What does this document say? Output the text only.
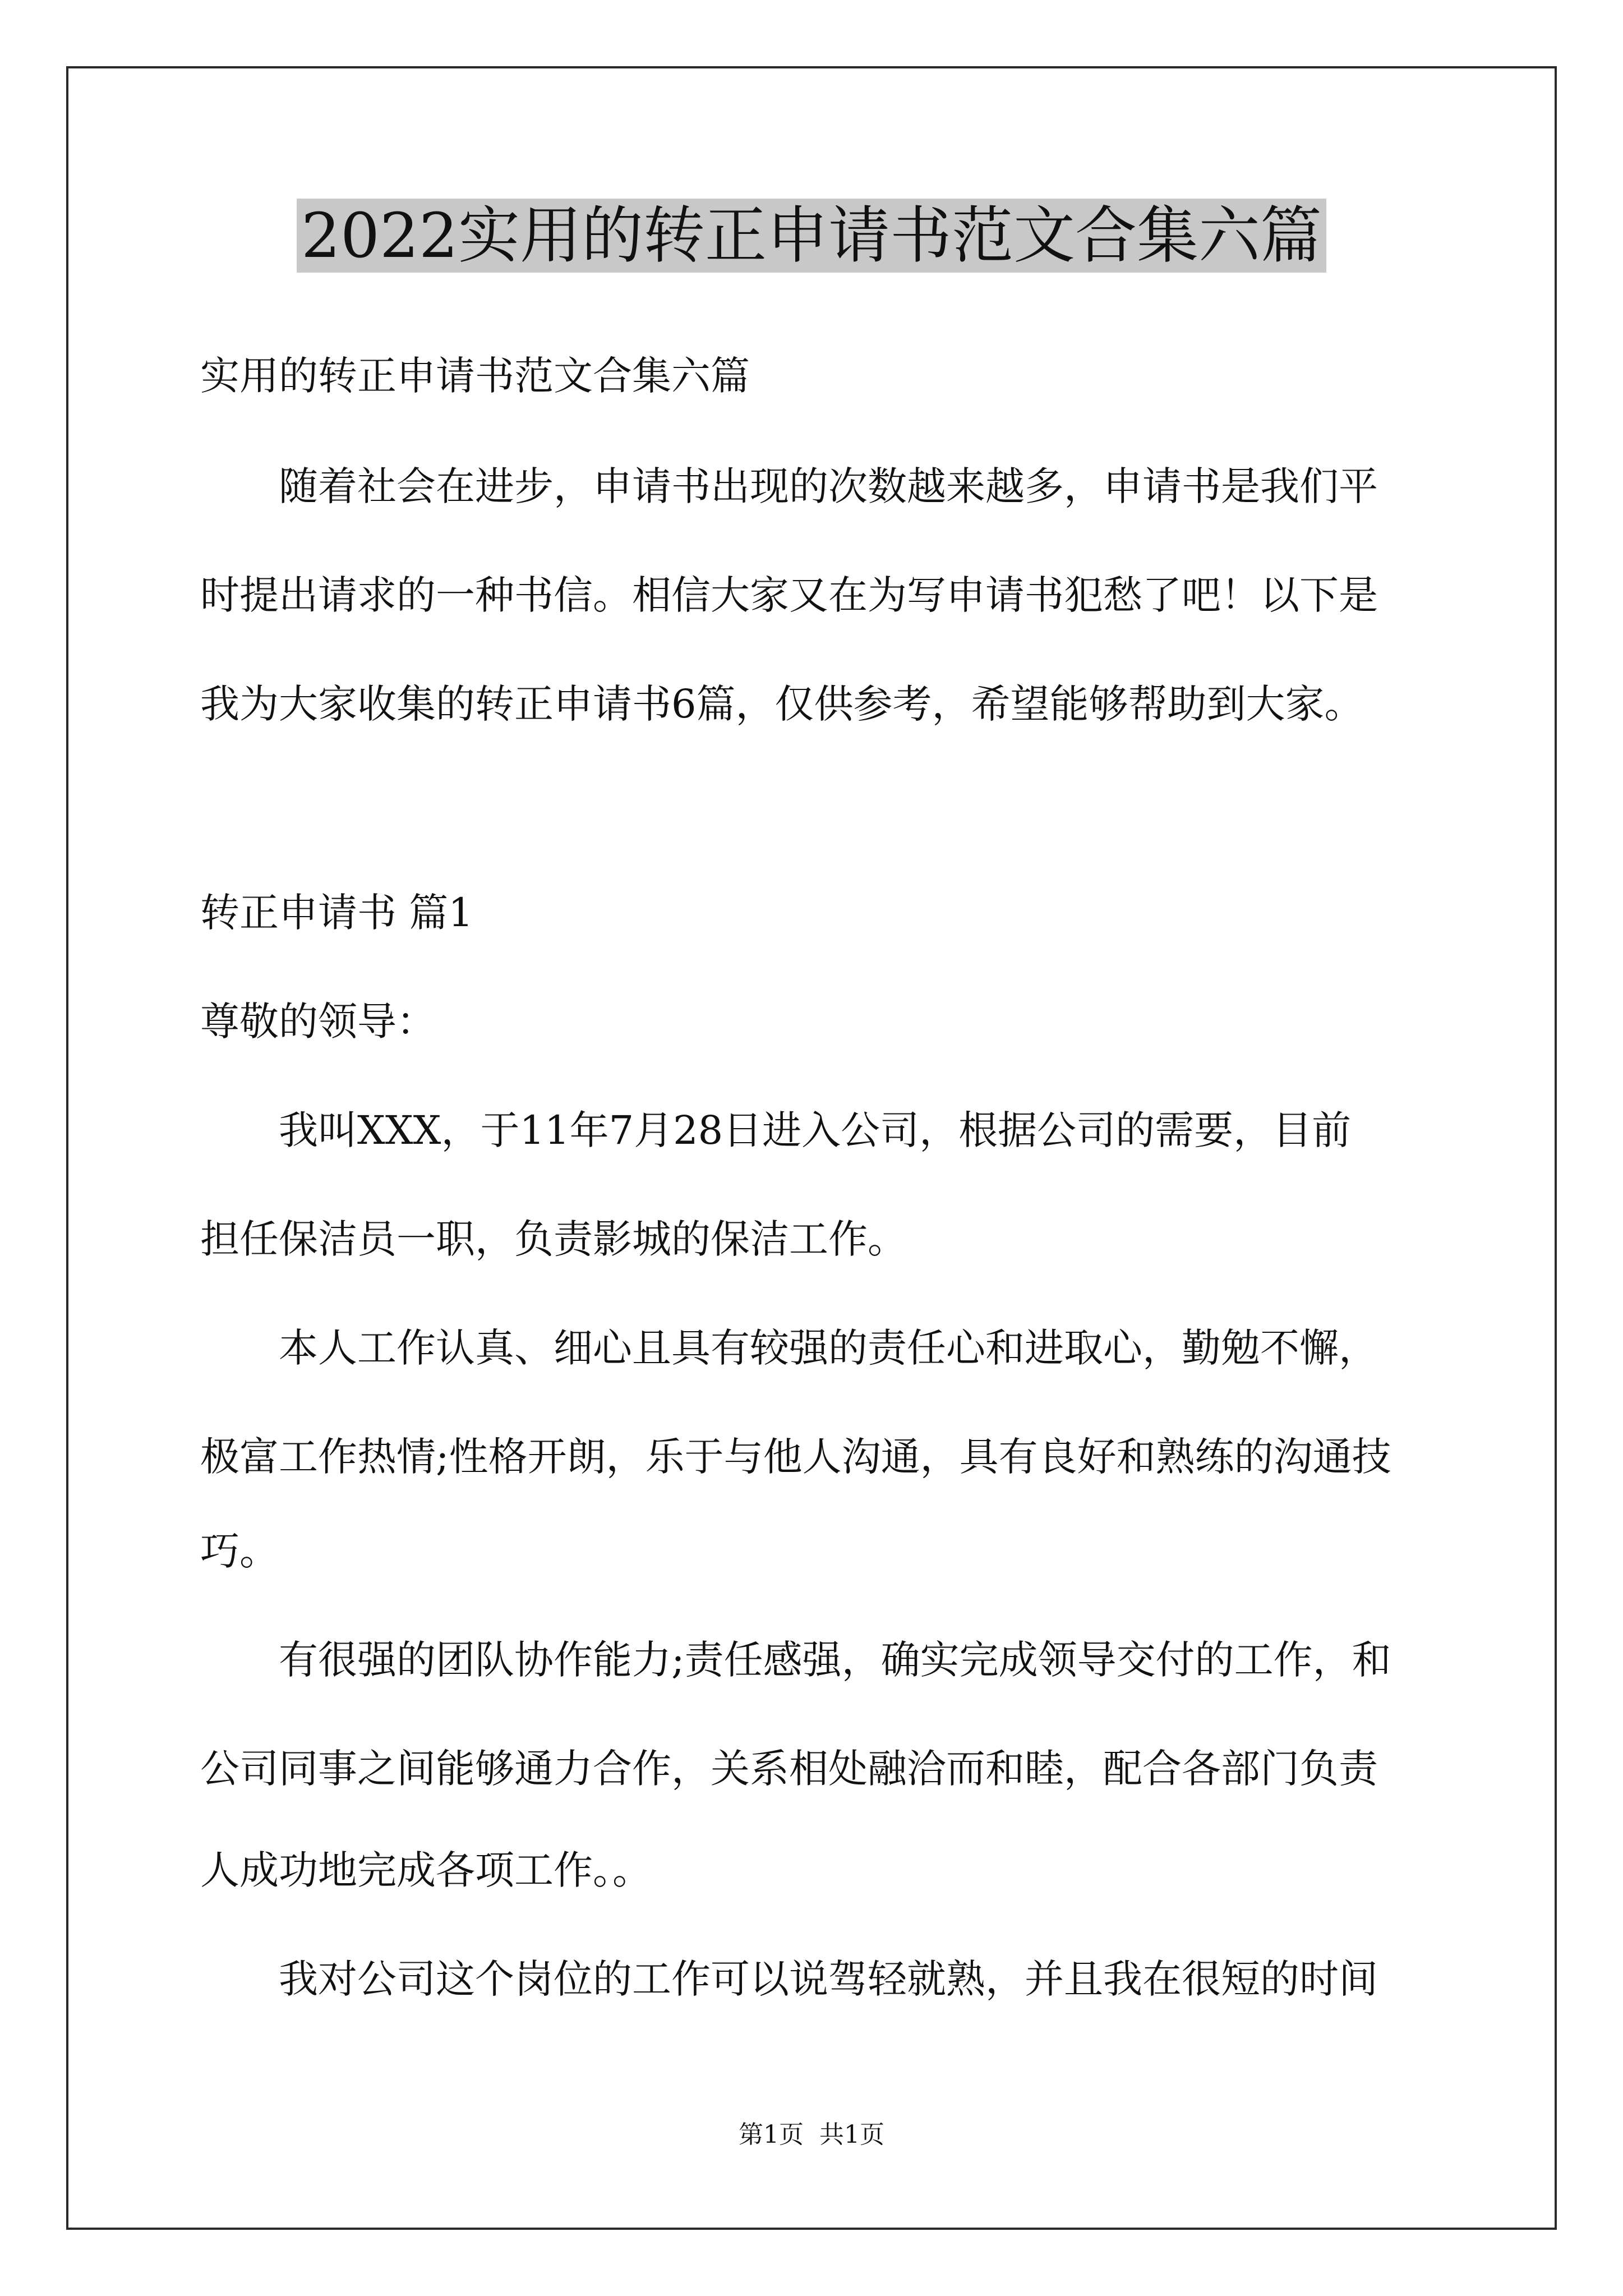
2022实用的转正申请书范文合集六篇
实用的转正申请书范文合集六篇
随着社会在进步，申请书出现的次数越来越多，申请书是我们平
时提出请求的一种书信。相信大家又在为写申请书犯愁了吧！以下是
我为大家收集的转正申请书6篇，仅供参考，希望能够帮助到大家。
转正申请书 篇1
尊敬的领导：
我叫XXX，于11年7月28日进入公司，根据公司的需要，目前
担任保洁员一职，负责影城的保洁工作。
本人工作认真、细心且具有较强的责任心和进取心，勤勉不懈，
极富工作热情;性格开朗，乐于与他人沟通，具有良好和熟练的沟通技
巧。
有很强的团队协作能力;责任感强，确实完成领导交付的工作，和
公司同事之间能够通力合作，关系相处融洽而和睦，配合各部门负责
人成功地完成各项工作。。
我对公司这个岗位的工作可以说驾轻就熟，并且我在很短的时间
第1页 共1页
